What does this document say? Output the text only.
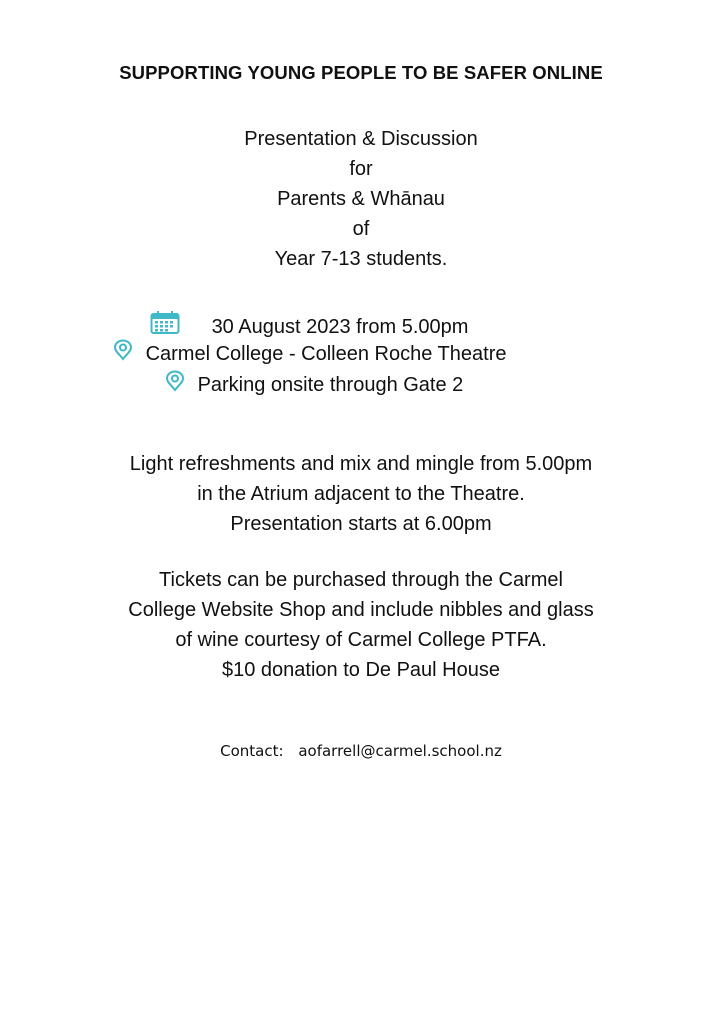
SUPPORTING YOUNG PEOPLE TO BE SAFER ONLINE
Presentation & Discussion
for
Parents & Whānau
of
Year 7-13 students.
30 August 2023 from 5.00pm
Carmel College - Colleen Roche Theatre
Parking onsite through Gate 2
Light refreshments and mix and mingle from 5.00pm
in the Atrium adjacent to the Theatre.
Presentation starts at 6.00pm
Tickets can be purchased through the Carmel
College Website Shop and include nibbles and glass
of wine courtesy of Carmel College PTFA.
$10 donation to De Paul House
Contact: aofarrell@carmel.school.nz
